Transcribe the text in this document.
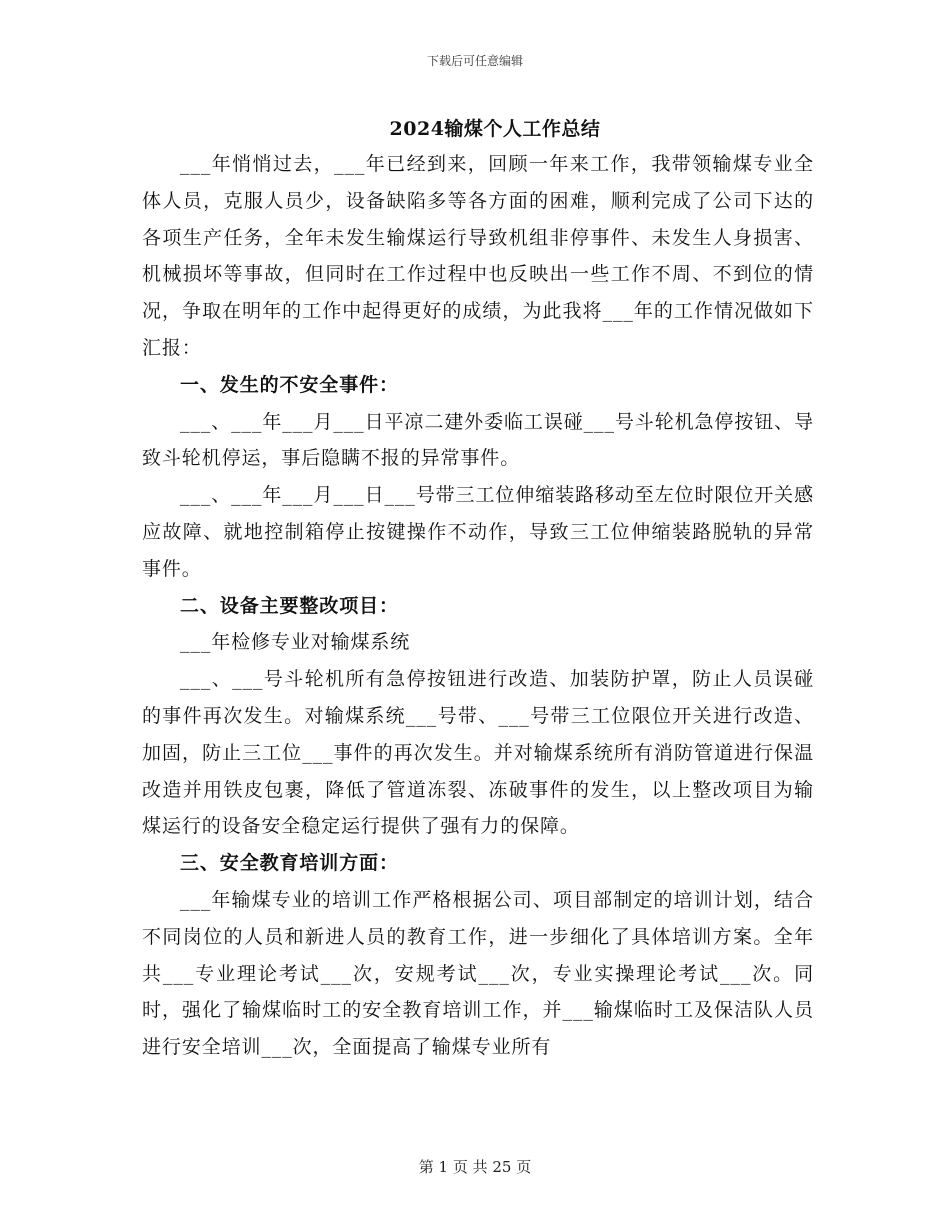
下载后可任意编辑
2024输煤个人工作总结

___年悄悄过去，___年已经到来，回顾一年来工作，我带领输煤专业全体人员，克服人员少，设备缺陷多等各方面的困难，顺利完成了公司下达的各项生产任务，全年未发生输煤运行导致机组非停事件、未发生人身损害、机械损坏等事故，但同时在工作过程中也反映出一些工作不周、不到位的情况，争取在明年的工作中起得更好的成绩，为此我将___年的工作情况做如下汇报：

一、发生的不安全事件：

___、___年___月___日平凉二建外委临工误碰___号斗轮机急停按钮、导致斗轮机停运，事后隐瞒不报的异常事件。

___、___年___月___日___号带三工位伸缩装路移动至左位时限位开关感应故障、就地控制箱停止按键操作不动作，导致三工位伸缩装路脱轨的异常事件。

二、设备主要整改项目：

___年检修专业对输煤系统

___、___号斗轮机所有急停按钮进行改造、加装防护罩，防止人员误碰的事件再次发生。对输煤系统___号带、___号带三工位限位开关进行改造、加固，防止三工位___事件的再次发生。并对输煤系统所有消防管道进行保温改造并用铁皮包裹，降低了管道冻裂、冻破事件的发生，以上整改项目为输煤运行的设备安全稳定运行提供了强有力的保障。

三、安全教育培训方面：

___年输煤专业的培训工作严格根据公司、项目部制定的培训计划，结合不同岗位的人员和新进人员的教育工作，进一步细化了具体培训方案。全年共___专业理论考试___次，安规考试___次，专业实操理论考试___次。同时，强化了输煤临时工的安全教育培训工作，并___输煤临时工及保洁队人员进行安全培训___次，全面提高了输煤专业所有

第 1 页 共 25 页
